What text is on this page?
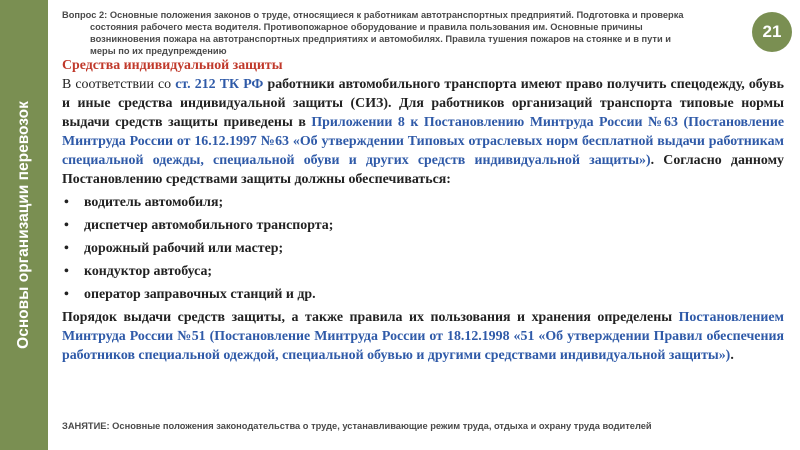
Основы организации перевозок
Вопрос 2: Основные положения законов о труде, относящиеся к работникам автотранспортных предприятий. Подготовка и проверка
состояния рабочего места водителя. Противопожарное оборудование и правила пользования им. Основные причины
возникновения пожара на автотранспортных предприятиях и автомобилях. Правила тушения пожаров на стоянке и в пути и
меры по их предупреждению
21
Средства индивидуальной защиты

В соответствии со ст. 212 ТК РФ работники автомобильного транспорта имеют право получить спецодежду, обувь и иные средства индивидуальной защиты (СИЗ). Для работников организаций транспорта типовые нормы выдачи средств защиты приведены в Приложении 8 к Постановлению Минтруда России №63 (Постановление Минтруда России от 16.12.1997 №63 «Об утверждении Типовых отраслевых норм бесплатной выдачи работникам специальной одежды, специальной обуви и других средств индивидуальной защиты»). Согласно данному Постановлению средствами защиты должны обеспечиваться:

• водитель автомобиля;
• диспетчер автомобильного транспорта;
• дорожный рабочий или мастер;
• кондуктор автобуса;
• оператор заправочных станций и др.

Порядок выдачи средств защиты, а также правила их пользования и хранения определены Постановлением Минтруда России №51 (Постановление Минтруда России от 18.12.1998 «51 «Об утверждении Правил обеспечения работников специальной одеждой, специальной обувью и другими средствами индивидуальной защиты»).

ЗАНЯТИЕ: Основные положения законодательства о труде, устанавливающие режим труда, отдыха и охрану труда водителей
